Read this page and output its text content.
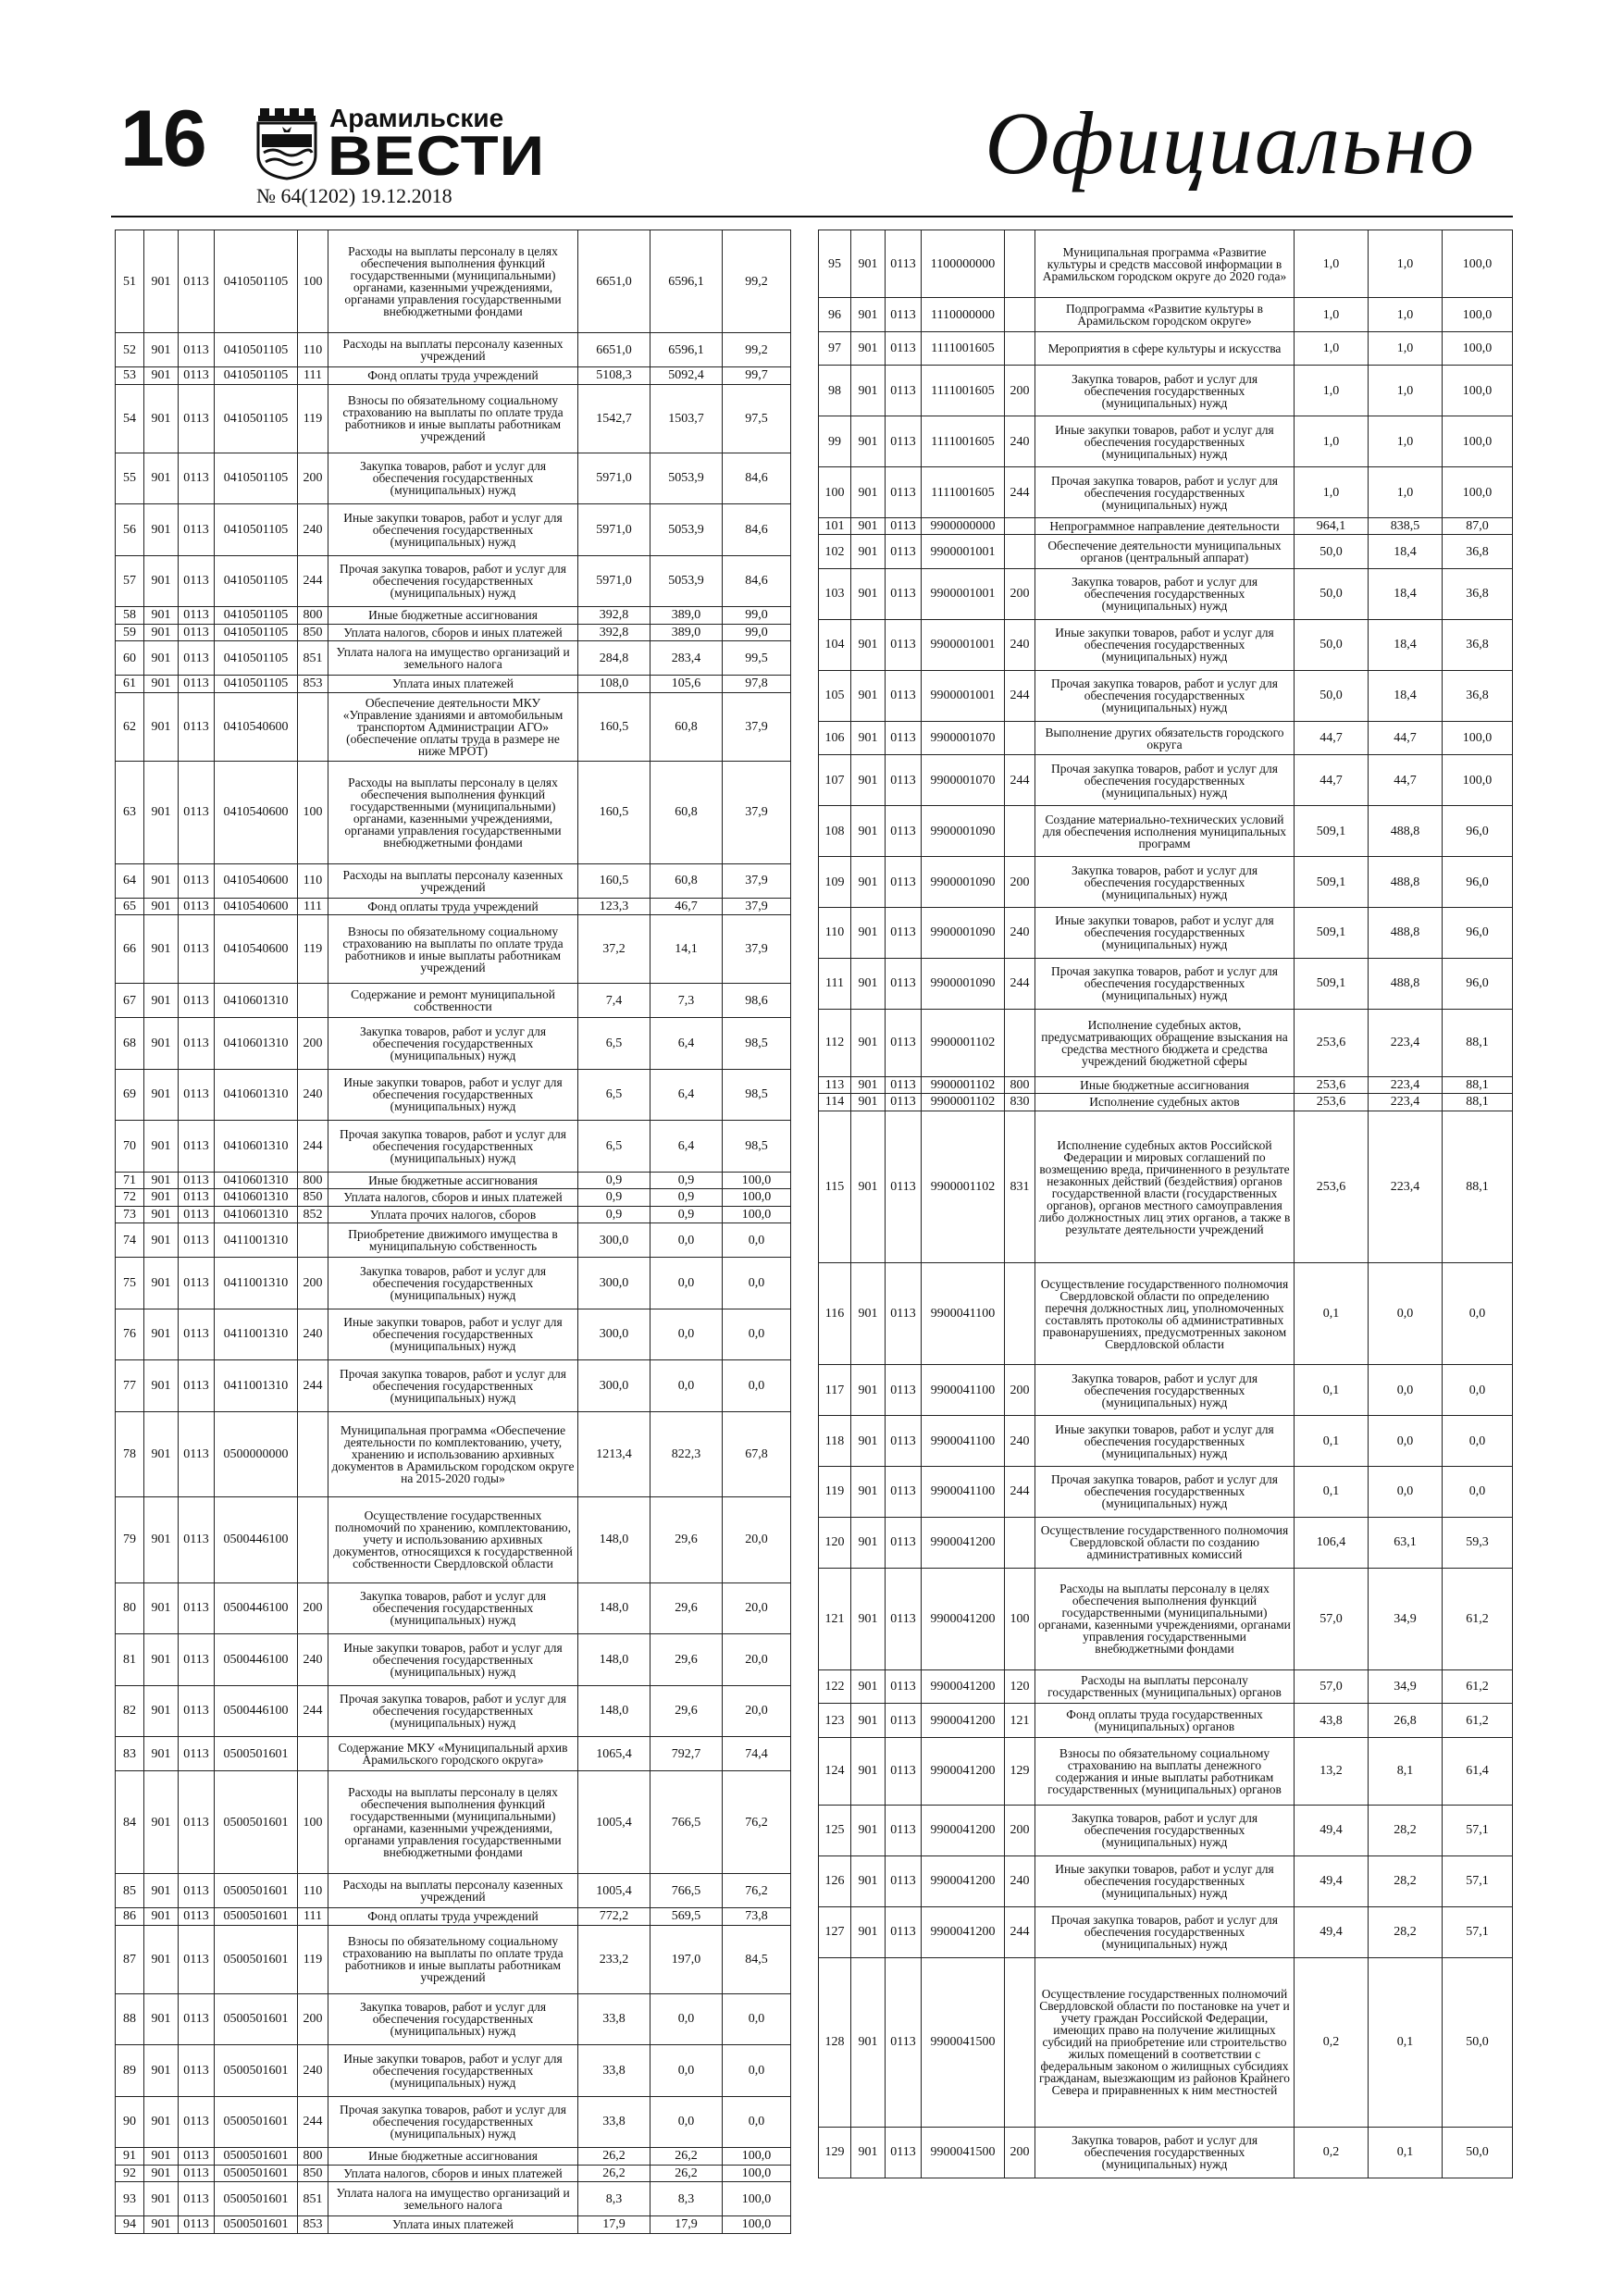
16	Арамильские
ВЕСТИ
№ 64(1202) 19.12.2018
Официально
51	901	0113	0410501105	100	Расходы на выплаты персоналу в целях обеспечения выполнения функций государственными (муниципальными) органами, казенными учреждениями, органами управления государственными внебюджетными фондами	6651,0	6596,1	99,2
52	901	0113	0410501105	110	Расходы на выплаты персоналу казенных учреждений	6651,0	6596,1	99,2
53	901	0113	0410501105	111	Фонд оплаты труда учреждений	5108,3	5092,4	99,7
54	901	0113	0410501105	119	Взносы по обязательному социальному страхованию на выплаты по оплате труда работников и иные выплаты работникам учреждений	1542,7	1503,7	97,5
55	901	0113	0410501105	200	Закупка товаров, работ и услуг для обеспечения государственных (муниципальных) нужд	5971,0	5053,9	84,6
56	901	0113	0410501105	240	Иные закупки товаров, работ и услуг для обеспечения государственных (муниципальных) нужд	5971,0	5053,9	84,6
57	901	0113	0410501105	244	Прочая закупка товаров, работ и услуг для обеспечения государственных (муниципальных) нужд	5971,0	5053,9	84,6
58	901	0113	0410501105	800	Иные бюджетные ассигнования	392,8	389,0	99,0
59	901	0113	0410501105	850	Уплата налогов, сборов и иных платежей	392,8	389,0	99,0
60	901	0113	0410501105	851	Уплата налога на имущество организаций и земельного налога	284,8	283,4	99,5
61	901	0113	0410501105	853	Уплата иных платежей	108,0	105,6	97,8
62	901	0113	0410540600		Обеспечение деятельности МКУ «Управление зданиями и автомобильным транспортом Администрации АГО» (обеспечение оплаты труда в размере не ниже МРОТ)	160,5	60,8	37,9
63	901	0113	0410540600	100	Расходы на выплаты персоналу в целях обеспечения выполнения функций государственными (муниципальными) органами, казенными учреждениями, органами управления государственными внебюджетными фондами	160,5	60,8	37,9
64	901	0113	0410540600	110	Расходы на выплаты персоналу казенных учреждений	160,5	60,8	37,9
65	901	0113	0410540600	111	Фонд оплаты труда учреждений	123,3	46,7	37,9
66	901	0113	0410540600	119	Взносы по обязательному социальному страхованию на выплаты по оплате труда работников и иные выплаты работникам учреждений	37,2	14,1	37,9
67	901	0113	0410601310		Содержание и ремонт муниципальной собственности	7,4	7,3	98,6
68	901	0113	0410601310	200	Закупка товаров, работ и услуг для обеспечения государственных (муниципальных) нужд	6,5	6,4	98,5
69	901	0113	0410601310	240	Иные закупки товаров, работ и услуг для обеспечения государственных (муниципальных) нужд	6,5	6,4	98,5
70	901	0113	0410601310	244	Прочая закупка товаров, работ и услуг для обеспечения государственных (муниципальных) нужд	6,5	6,4	98,5
71	901	0113	0410601310	800	Иные бюджетные ассигнования	0,9	0,9	100,0
72	901	0113	0410601310	850	Уплата налогов, сборов и иных платежей	0,9	0,9	100,0
73	901	0113	0410601310	852	Уплата прочих налогов, сборов	0,9	0,9	100,0
74	901	0113	0411001310		Приобретение движимого имущества в муниципальную собственность	300,0	0,0	0,0
75	901	0113	0411001310	200	Закупка товаров, работ и услуг для обеспечения государственных (муниципальных) нужд	300,0	0,0	0,0
76	901	0113	0411001310	240	Иные закупки товаров, работ и услуг для обеспечения государственных (муниципальных) нужд	300,0	0,0	0,0
77	901	0113	0411001310	244	Прочая закупка товаров, работ и услуг для обеспечения государственных (муниципальных) нужд	300,0	0,0	0,0
78	901	0113	0500000000		Муниципальная программа «Обеспечение деятельности по комплектованию, учету, хранению и использованию архивных документов в Арамильском городском округе на 2015-2020 годы»	1213,4	822,3	67,8
79	901	0113	0500446100		Осуществление государственных полномочий по хранению, комплектованию, учету и использованию архивных документов, относящихся к государственной собственности Свердловской области	148,0	29,6	20,0
80	901	0113	0500446100	200	Закупка товаров, работ и услуг для обеспечения государственных (муниципальных) нужд	148,0	29,6	20,0
81	901	0113	0500446100	240	Иные закупки товаров, работ и услуг для обеспечения государственных (муниципальных) нужд	148,0	29,6	20,0
82	901	0113	0500446100	244	Прочая закупка товаров, работ и услуг для обеспечения государственных (муниципальных) нужд	148,0	29,6	20,0
83	901	0113	0500501601		Содержание МКУ «Муниципальный архив Арамильского городского округа»	1065,4	792,7	74,4
84	901	0113	0500501601	100	Расходы на выплаты персоналу в целях обеспечения выполнения функций государственными (муниципальными) органами, казенными учреждениями, органами управления государственными внебюджетными фондами	1005,4	766,5	76,2
85	901	0113	0500501601	110	Расходы на выплаты персоналу казенных учреждений	1005,4	766,5	76,2
86	901	0113	0500501601	111	Фонд оплаты труда учреждений	772,2	569,5	73,8
87	901	0113	0500501601	119	Взносы по обязательному социальному страхованию на выплаты по оплате труда работников и иные выплаты работникам учреждений	233,2	197,0	84,5
88	901	0113	0500501601	200	Закупка товаров, работ и услуг для обеспечения государственных (муниципальных) нужд	33,8	0,0	0,0
89	901	0113	0500501601	240	Иные закупки товаров, работ и услуг для обеспечения государственных (муниципальных) нужд	33,8	0,0	0,0
90	901	0113	0500501601	244	Прочая закупка товаров, работ и услуг для обеспечения государственных (муниципальных) нужд	33,8	0,0	0,0
91	901	0113	0500501601	800	Иные бюджетные ассигнования	26,2	26,2	100,0
92	901	0113	0500501601	850	Уплата налогов, сборов и иных платежей	26,2	26,2	100,0
93	901	0113	0500501601	851	Уплата налога на имущество организаций и земельного налога	8,3	8,3	100,0
94	901	0113	0500501601	853	Уплата иных платежей	17,9	17,9	100,0
95	901	0113	1100000000		Муниципальная программа «Развитие культуры и средств массовой информации в Арамильском городском округе до 2020 года»	1,0	1,0	100,0
96	901	0113	1110000000		Подпрограмма «Развитие культуры в Арамильском городском округе»	1,0	1,0	100,0
97	901	0113	1111001605		Мероприятия в сфере культуры и искусства	1,0	1,0	100,0
98	901	0113	1111001605	200	Закупка товаров, работ и услуг для обеспечения государственных (муниципальных) нужд	1,0	1,0	100,0
99	901	0113	1111001605	240	Иные закупки товаров, работ и услуг для обеспечения государственных (муниципальных) нужд	1,0	1,0	100,0
100	901	0113	1111001605	244	Прочая закупка товаров, работ и услуг для обеспечения государственных (муниципальных) нужд	1,0	1,0	100,0
101	901	0113	9900000000		Непрограммное направление деятельности	964,1	838,5	87,0
102	901	0113	9900001001		Обеспечение деятельности муниципальных органов (центральный аппарат)	50,0	18,4	36,8
103	901	0113	9900001001	200	Закупка товаров, работ и услуг для обеспечения государственных (муниципальных) нужд	50,0	18,4	36,8
104	901	0113	9900001001	240	Иные закупки товаров, работ и услуг для обеспечения государственных (муниципальных) нужд	50,0	18,4	36,8
105	901	0113	9900001001	244	Прочая закупка товаров, работ и услуг для обеспечения государственных (муниципальных) нужд	50,0	18,4	36,8
106	901	0113	9900001070		Выполнение других обязательств городского округа	44,7	44,7	100,0
107	901	0113	9900001070	244	Прочая закупка товаров, работ и услуг для обеспечения государственных (муниципальных) нужд	44,7	44,7	100,0
108	901	0113	9900001090		Создание материально-технических условий для обеспечения исполнения муниципальных программ	509,1	488,8	96,0
109	901	0113	9900001090	200	Закупка товаров, работ и услуг для обеспечения государственных (муниципальных) нужд	509,1	488,8	96,0
110	901	0113	9900001090	240	Иные закупки товаров, работ и услуг для обеспечения государственных (муниципальных) нужд	509,1	488,8	96,0
111	901	0113	9900001090	244	Прочая закупка товаров, работ и услуг для обеспечения государственных (муниципальных) нужд	509,1	488,8	96,0
112	901	0113	9900001102		Исполнение судебных актов, предусматривающих обращение взыскания на средства местного бюджета и средства учреждений бюджетной сферы	253,6	223,4	88,1
113	901	0113	9900001102	800	Иные бюджетные ассигнования	253,6	223,4	88,1
114	901	0113	9900001102	830	Исполнение судебных актов	253,6	223,4	88,1
115	901	0113	9900001102	831	Исполнение судебных актов Российской Федерации и мировых соглашений по возмещению вреда, причиненного в результате незаконных действий (бездействия) органов государственной власти (государственных органов), органов местного самоуправления либо должностных лиц этих органов, а также в результате деятельности учреждений	253,6	223,4	88,1
116	901	0113	9900041100		Осуществление государственного полномочия Свердловской области по определению перечня должностных лиц, уполномоченных составлять протоколы об административных правонарушениях, предусмотренных законом Свердловской области	0,1	0,0	0,0
117	901	0113	9900041100	200	Закупка товаров, работ и услуг для обеспечения государственных (муниципальных) нужд	0,1	0,0	0,0
118	901	0113	9900041100	240	Иные закупки товаров, работ и услуг для обеспечения государственных (муниципальных) нужд	0,1	0,0	0,0
119	901	0113	9900041100	244	Прочая закупка товаров, работ и услуг для обеспечения государственных (муниципальных) нужд	0,1	0,0	0,0
120	901	0113	9900041200		Осуществление государственного полномочия Свердловской области по созданию административных комиссий	106,4	63,1	59,3
121	901	0113	9900041200	100	Расходы на выплаты персоналу в целях обеспечения выполнения функций государственными (муниципальными) органами, казенными учреждениями, органами управления государственными внебюджетными фондами	57,0	34,9	61,2
122	901	0113	9900041200	120	Расходы на выплаты персоналу государственных (муниципальных) органов	57,0	34,9	61,2
123	901	0113	9900041200	121	Фонд оплаты труда государственных (муниципальных) органов	43,8	26,8	61,2
124	901	0113	9900041200	129	Взносы по обязательному социальному страхованию на выплаты денежного содержания и иные выплаты работникам государственных (муниципальных) органов	13,2	8,1	61,4
125	901	0113	9900041200	200	Закупка товаров, работ и услуг для обеспечения государственных (муниципальных) нужд	49,4	28,2	57,1
126	901	0113	9900041200	240	Иные закупки товаров, работ и услуг для обеспечения государственных (муниципальных) нужд	49,4	28,2	57,1
127	901	0113	9900041200	244	Прочая закупка товаров, работ и услуг для обеспечения государственных (муниципальных) нужд	49,4	28,2	57,1
128	901	0113	9900041500		Осуществление государственных полномочий Свердловской области по постановке на учет и учету граждан Российской Федерации, имеющих право на получение жилищных субсидий на приобретение или строительство жилых помещений в соответствии с федеральным законом о жилищных субсидиях гражданам, выезжающим из районов Крайнего Севера и приравненных к ним местностей	0,2	0,1	50,0
129	901	0113	9900041500	200	Закупка товаров, работ и услуг для обеспечения государственных (муниципальных) нужд	0,2	0,1	50,0
